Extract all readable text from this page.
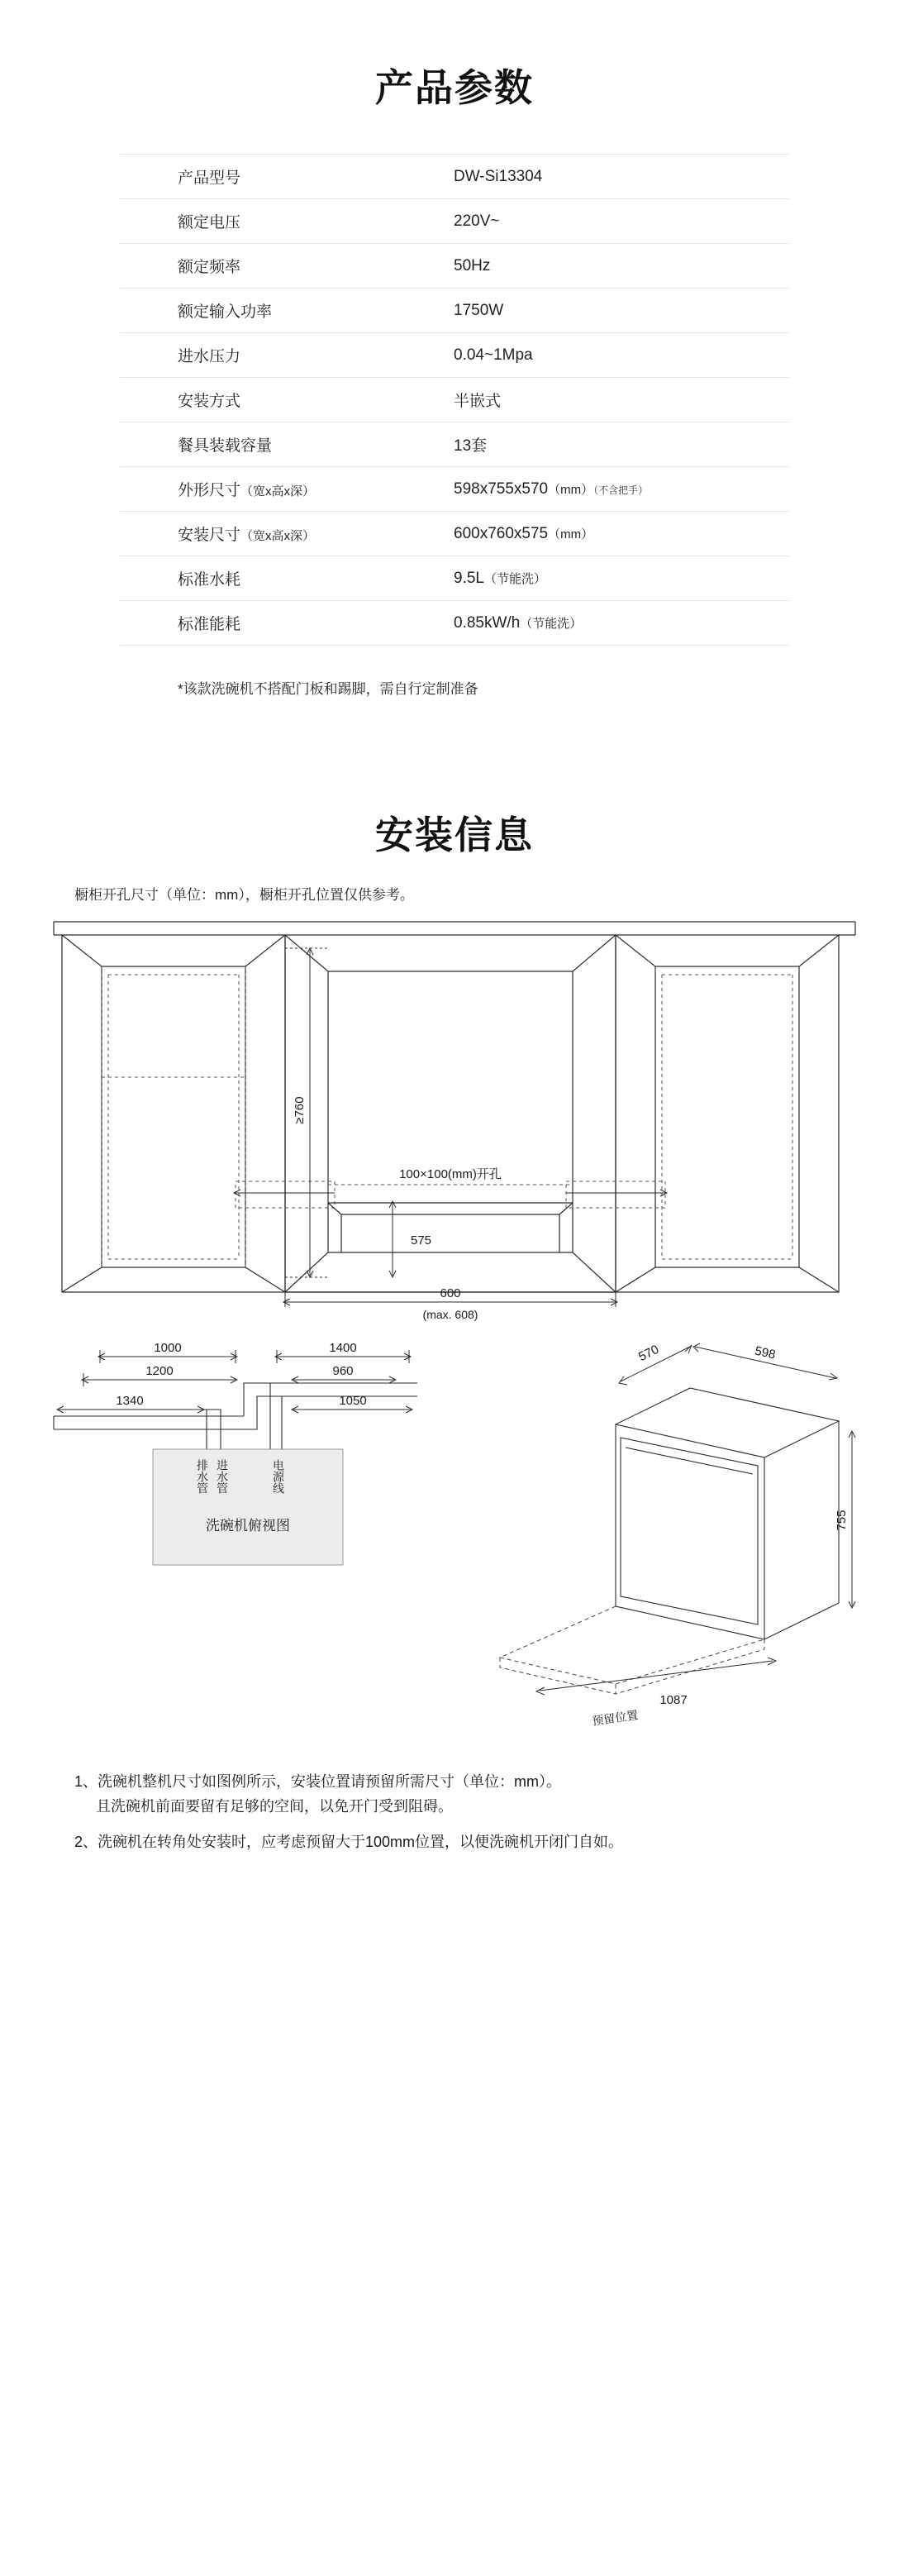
产品参数
产品型号	DW-Si13304
额定电压	220V~
额定频率	50Hz
额定输入功率	1750W
进水压力	0.04~1Mpa
安装方式	半嵌式
餐具装载容量	13套
外形尺寸（宽x高x深）	598x755x570（mm）（不含把手）
安装尺寸（宽x高x深）	600x760x575（mm）
标准水耗	9.5L（节能洗）
标准能耗	0.85kW/h（节能洗）
*该款洗碗机不搭配门板和踢脚，需自行定制准备
安装信息
橱柜开孔尺寸（单位：mm），橱柜开孔位置仅供参考。
≥760
100×100(mm)开孔
575
600
(max. 608)
1000
1200
1340
1400
960
1050
排水管 进水管	电源线
洗碗机俯视图
570	598
755
1087
预留位置

1、洗碗机整机尺寸如图例所示，安装位置请预留所需尺寸（单位：mm）。
且洗碗机前面要留有足够的空间，以免开门受到阻碍。

2、洗碗机在转角处安装时，应考虑预留大于100mm位置，以便洗碗机开闭门自如。
